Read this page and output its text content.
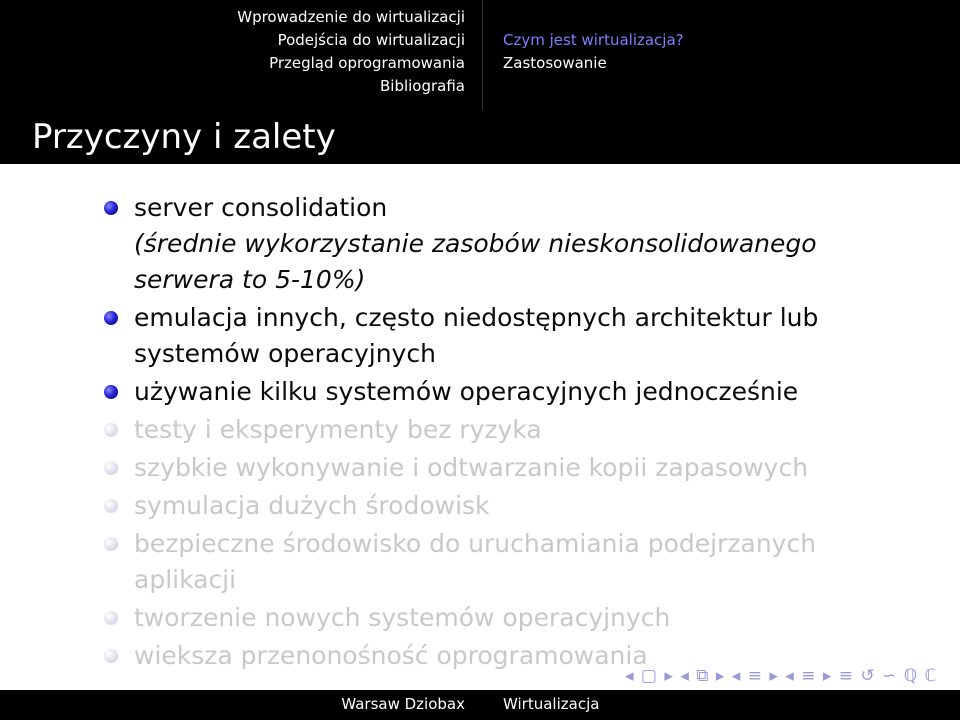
Wprowadzenie do wirtualizacji
Podejścia do wirtualizacji
Przegląd oprogramowania
Bibliografia
Czym jest wirtualizacja?
Zastosowanie
Przyczyny i zalety
server consolidation
(średnie wykorzystanie zasobów nieskonsolidowanego serwera to 5-10%)
emulacja innych, często niedostępnych architektur lub systemów operacyjnych
używanie kilku systemów operacyjnych jednocześnie
testy i eksperymenty bez ryzyka
szybkie wykonywanie i odtwarzanie kopii zapasowych
symulacja dużych środowisk
bezpieczne środowisko do uruchamiania podejrzanych aplikacji
tworzenie nowych systemów operacyjnych
wieksza przenonośność oprogramowania
◂ ▢ ▸ ◂ ⧉ ▸ ◂ ≡ ▸ ◂ ≡ ▸ ≡ ↺ ∽ ℚ ℂ
Warsaw Dziobax	Wirtualizacja
